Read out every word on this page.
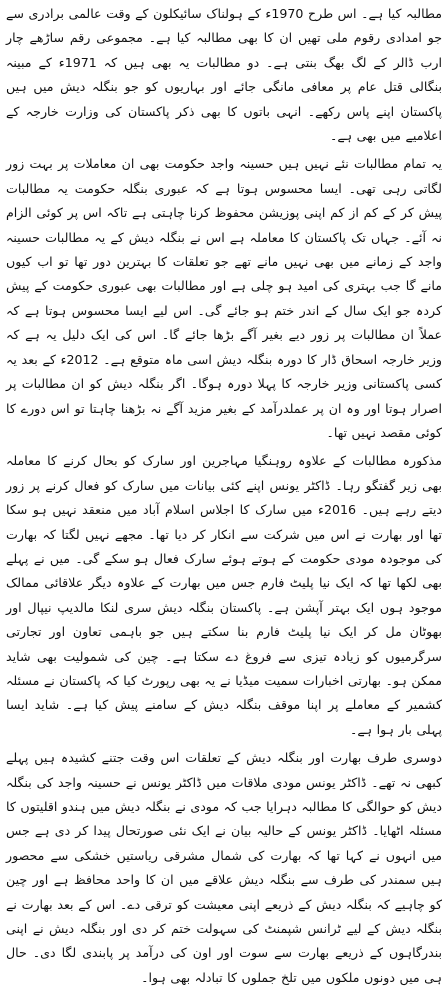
مطالبہ کیا ہے۔ اس طرح 1970ء کے ہولناک سائیکلون کے وقت عالمی برادری سے جو امدادی رقوم ملی تھیں ان کا بھی مطالبہ کیا ہے۔ مجموعی رقم ساڑھے چار ارب ڈالر کے لگ بھگ بنتی ہے۔ دو مطالبات یہ بھی ہیں کہ 1971ء کے مبینہ بنگالی قتل عام پر معافی مانگی جائے اور بہاریوں کو جو بنگلہ دیش میں ہیں پاکستان اپنے پاس رکھے۔ انہی باتوں کا بھی ذکر پاکستان کی وزارت خارجہ کے اعلامیے میں بھی ہے۔

یہ تمام مطالبات نئے نہیں ہیں حسینہ واجد حکومت بھی ان معاملات پر بہت زور لگاتی رہی تھی۔ ایسا محسوس ہوتا ہے کہ عبوری بنگلہ حکومت یہ مطالبات پیش کر کے کم از کم اپنی پوزیشن محفوظ کرنا چاہتی ہے تاکہ اس پر کوئی الزام نہ آئے۔ جہاں تک پاکستان کا معاملہ ہے اس نے بنگلہ دیش کے یہ مطالبات حسینہ واجد کے زمانے میں بھی نہیں مانے تھے جو تعلقات کا بہترین دور تھا تو اب کیوں مانے گا جب بہتری کی امید ہو چلی ہے اور مطالبات بھی عبوری حکومت کے پیش کردہ جو ایک سال کے اندر ختم ہو جائے گی۔ اس لیے ایسا محسوس ہوتا ہے کہ عملاً ان مطالبات پر زور دیے بغیر آگے بڑھا جائے گا۔ اس کی ایک دلیل یہ ہے کہ وزیر خارجہ اسحاق ڈار کا دورہ بنگلہ دیش اسی ماہ متوقع ہے۔ 2012ء کے بعد یہ کسی پاکستانی وزیر خارجہ کا پہلا دورہ ہوگا۔ اگر بنگلہ دیش کو ان مطالبات پر اصرار ہوتا اور وہ ان پر عملدرآمد کے بغیر مزید آگے نہ بڑھنا چاہتا تو اس دورے کا کوئی مقصد نہیں تھا۔

مذکورہ مطالبات کے علاوہ روہنگیا مہاجرین اور سارک کو بحال کرنے کا معاملہ بھی زیر گفتگو رہا۔ ڈاکٹر یونس اپنے کئی بیانات میں سارک کو فعال کرنے پر زور دیتے رہے ہیں۔ 2016ء میں سارک کا اجلاس اسلام آباد میں منعقد نہیں ہو سکا تھا اور بھارت نے اس میں شرکت سے انکار کر دیا تھا۔ مجھے نہیں لگتا کہ بھارت کی موجودہ مودی حکومت کے ہوتے ہوئے سارک فعال ہو سکے گی۔ میں نے پہلے بھی لکھا تھا کہ ایک نیا پلیٹ فارم جس میں بھارت کے علاوہ دیگر علاقائی ممالک موجود ہوں ایک بہتر آپشن ہے۔ پاکستان بنگلہ دیش سری لنکا مالدیپ نیپال اور بھوٹان مل کر ایک نیا پلیٹ فارم بنا سکتے ہیں جو باہمی تعاون اور تجارتی سرگرمیوں کو زیادہ تیزی سے فروغ دے سکتا ہے۔ چین کی شمولیت بھی شاید ممکن ہو۔ بھارتی اخبارات سمیت میڈیا نے یہ بھی رپورٹ کیا کہ پاکستان نے مسئلہ کشمیر کے معاملے پر اپنا موقف بنگلہ دیش کے سامنے پیش کیا ہے۔ شاید ایسا پہلی بار ہوا ہے۔

دوسری طرف بھارت اور بنگلہ دیش کے تعلقات اس وقت جتنے کشیدہ ہیں پہلے کبھی نہ تھے۔ ڈاکٹر یونس مودی ملاقات میں ڈاکٹر یونس نے حسینہ واجد کی بنگلہ دیش کو حوالگی کا مطالبہ دہرایا جب کہ مودی نے بنگلہ دیش میں ہندو اقلیتوں کا مسئلہ اٹھایا۔ ڈاکٹر یونس کے حالیہ بیان نے ایک نئی صورتحال پیدا کر دی ہے جس میں انہوں نے کہا تھا کہ بھارت کی شمال مشرقی ریاستیں خشکی سے محصور ہیں سمندر کی طرف سے بنگلہ دیش علاقے میں ان کا واحد محافظ ہے اور چین کو چاہیے کہ بنگلہ دیش کے ذریعے اپنی معیشت کو ترقی دے۔ اس کے بعد بھارت نے بنگلہ دیش کے لیے ٹرانس شپمنٹ کی سہولت ختم کر دی اور بنگلہ دیش نے اپنی بندرگاہوں کے ذریعے بھارت سے سوت اور اون کی درآمد پر پابندی لگا دی۔ حال ہی میں دونوں ملکوں میں تلخ جملوں کا تبادلہ بھی ہوا۔
